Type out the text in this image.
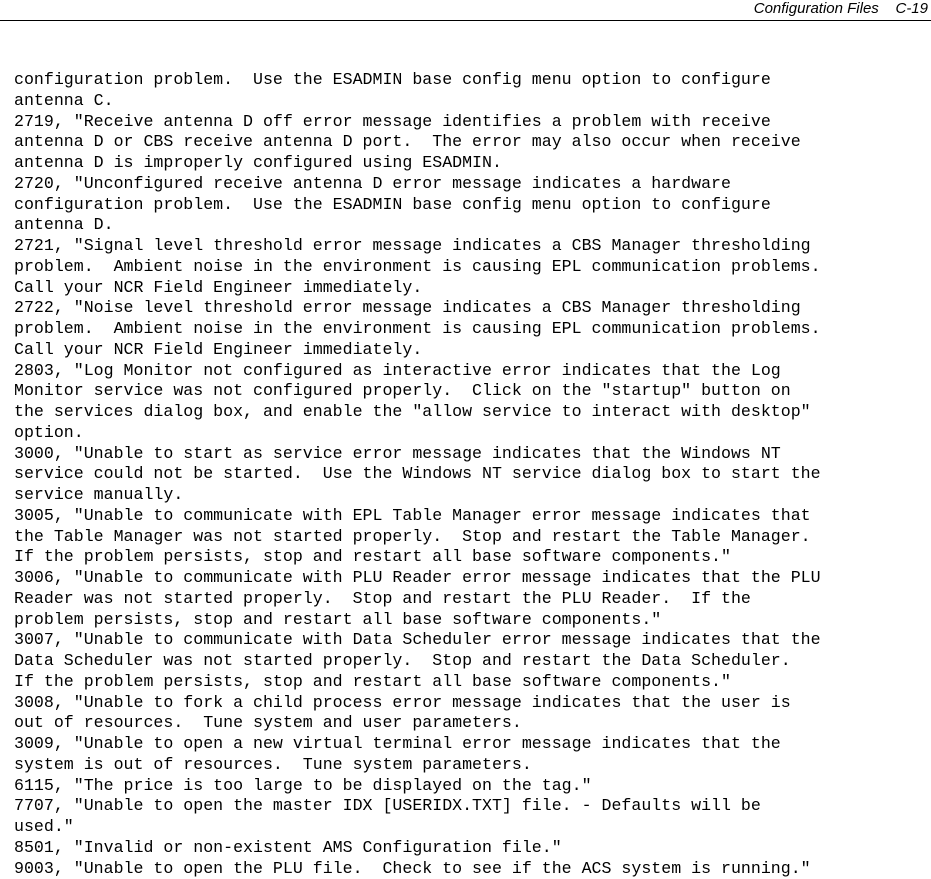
Configuration Files C-19
configuration problem.  Use the ESADMIN base config menu option to configure
antenna C.
2719, "Receive antenna D off error message identifies a problem with receive
antenna D or CBS receive antenna D port.  The error may also occur when receive
antenna D is improperly configured using ESADMIN.
2720, "Unconfigured receive antenna D error message indicates a hardware
configuration problem.  Use the ESADMIN base config menu option to configure
antenna D.
2721, "Signal level threshold error message indicates a CBS Manager thresholding
problem.  Ambient noise in the environment is causing EPL communication problems.
Call your NCR Field Engineer immediately.
2722, "Noise level threshold error message indicates a CBS Manager thresholding
problem.  Ambient noise in the environment is causing EPL communication problems.
Call your NCR Field Engineer immediately.
2803, "Log Monitor not configured as interactive error indicates that the Log
Monitor service was not configured properly.  Click on the "startup" button on
the services dialog box, and enable the "allow service to interact with desktop"
option.
3000, "Unable to start as service error message indicates that the Windows NT
service could not be started.  Use the Windows NT service dialog box to start the
service manually.
3005, "Unable to communicate with EPL Table Manager error message indicates that
the Table Manager was not started properly.  Stop and restart the Table Manager.
If the problem persists, stop and restart all base software components."
3006, "Unable to communicate with PLU Reader error message indicates that the PLU
Reader was not started properly.  Stop and restart the PLU Reader.  If the
problem persists, stop and restart all base software components."
3007, "Unable to communicate with Data Scheduler error message indicates that the
Data Scheduler was not started properly.  Stop and restart the Data Scheduler.
If the problem persists, stop and restart all base software components."
3008, "Unable to fork a child process error message indicates that the user is
out of resources.  Tune system and user parameters.
3009, "Unable to open a new virtual terminal error message indicates that the
system is out of resources.  Tune system parameters.
6115, "The price is too large to be displayed on the tag."
7707, "Unable to open the master IDX [USERIDX.TXT] file. - Defaults will be
used."
8501, "Invalid or non-existent AMS Configuration file."
9003, "Unable to open the PLU file.  Check to see if the ACS system is running."
